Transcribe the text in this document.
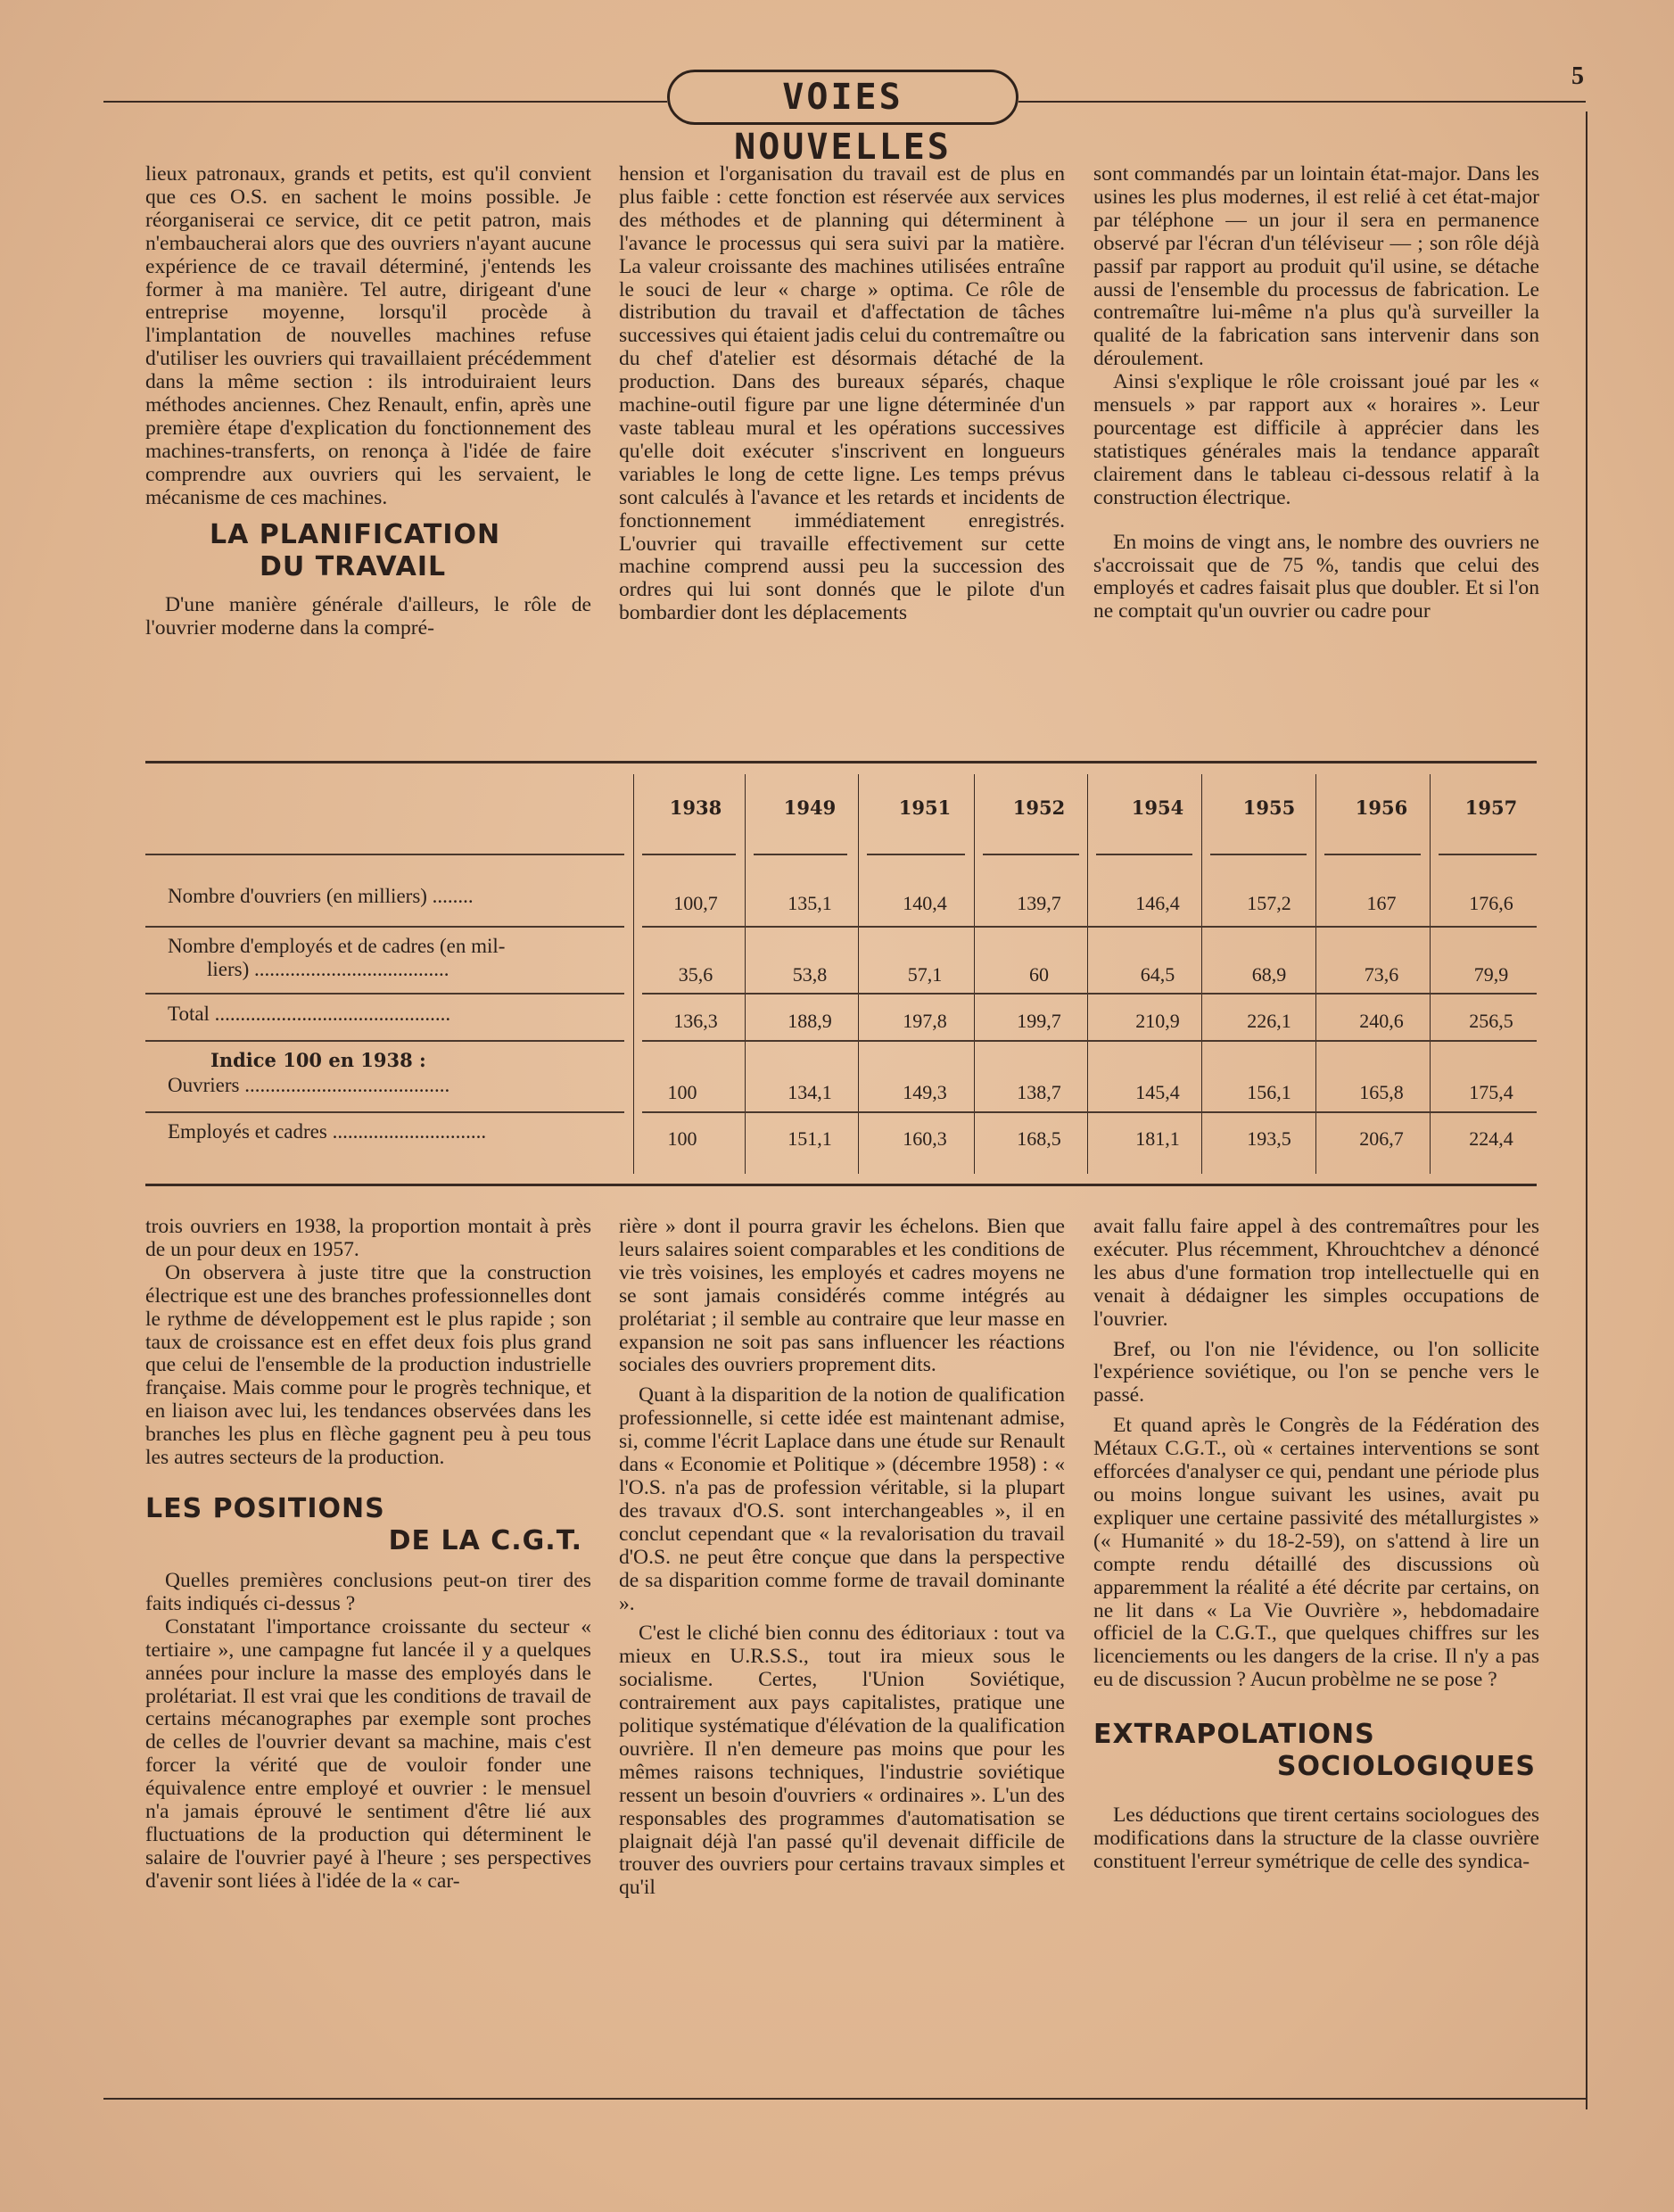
VOIES NOUVELLES
5

lieux patronaux, grands et petits, est qu'il convient que ces O.S. en sachent le moins possible. Je réorganiserai ce service, dit ce petit patron, mais n'embaucherai alors que des ouvriers n'ayant aucune expérience de ce travail déterminé, j'entends les former à ma manière. Tel autre, dirigeant d'une entreprise moyenne, lorsqu'il procède à l'implantation de nouvelles machines refuse d'utiliser les ouvriers qui travaillaient précédemment dans la même section : ils introduiraient leurs méthodes anciennes. Chez Renault, enfin, après une première étape d'explication du fonctionnement des machines-transferts, on renonça à l'idée de faire comprendre aux ouvriers qui les servaient, le mécanisme de ces machines.

LA PLANIFICATION
DU TRAVAIL

D'une manière générale d'ailleurs, le rôle de l'ouvrier moderne dans la compré-

hension et l'organisation du travail est de plus en plus faible : cette fonction est réservée aux services des méthodes et de planning qui déterminent à l'avance le processus qui sera suivi par la matière. La valeur croissante des machines utilisées entraîne le souci de leur « charge » optima. Ce rôle de distribution du travail et d'affectation de tâches successives qui étaient jadis celui du contremaître ou du chef d'atelier est désormais détaché de la production. Dans des bureaux séparés, chaque machine-outil figure par une ligne déterminée d'un vaste tableau mural et les opérations successives qu'elle doit exécuter s'inscrivent en longueurs variables le long de cette ligne. Les temps prévus sont calculés à l'avance et les retards et incidents de fonctionnement immédiatement enregistrés. L'ouvrier qui travaille effectivement sur cette machine comprend aussi peu la succession des ordres qui lui sont donnés que le pilote d'un bombardier dont les déplacements

sont commandés par un lointain état-major. Dans les usines les plus modernes, il est relié à cet état-major par téléphone — un jour il sera en permanence observé par l'écran d'un téléviseur — ; son rôle déjà passif par rapport au produit qu'il usine, se détache aussi de l'ensemble du processus de fabrication. Le contremaître lui-même n'a plus qu'à surveiller la qualité de la fabrication sans intervenir dans son déroulement.

Ainsi s'explique le rôle croissant joué par les « mensuels » par rapport aux « horaires ». Leur pourcentage est difficile à apprécier dans les statistiques générales mais la tendance apparaît clairement dans le tableau ci-dessous relatif à la construction électrique.

En moins de vingt ans, le nombre des ouvriers ne s'accroissait que de 75 %, tandis que celui des employés et cadres faisait plus que doubler. Et si l'on ne comptait qu'un ouvrier ou cadre pour

1938	1949	1951	1952	1954	1955	1956	1957
Nombre d'ouvriers (en milliers) ........	100,7	135,1	140,4	139,7	146,4	157,2	167	176,6
Nombre d'employés et de cadres (en mil-
liers) ......................................	35,6	53,8	57,1	60	64,5	68,9	73,6	79,9
Total ..............................................	136,3	188,9	197,8	199,7	210,9	226,1	240,6	256,5
Indice 100 en 1938 :
Ouvriers ........................................	100	134,1	149,3	138,7	145,4	156,1	165,8	175,4
Employés et cadres ..............................	100	151,1	160,3	168,5	181,1	193,5	206,7	224,4

trois ouvriers en 1938, la proportion montait à près de un pour deux en 1957.

On observera à juste titre que la construction électrique est une des branches professionnelles dont le rythme de développement est le plus rapide ; son taux de croissance est en effet deux fois plus grand que celui de l'ensemble de la production industrielle française. Mais comme pour le progrès technique, et en liaison avec lui, les tendances observées dans les branches les plus en flèche gagnent peu à peu tous les autres secteurs de la production.

LES POSITIONS
DE LA C.G.T.

Quelles premières conclusions peut-on tirer des faits indiqués ci-dessus ?

Constatant l'importance croissante du secteur « tertiaire », une campagne fut lancée il y a quelques années pour inclure la masse des employés dans le prolétariat. Il est vrai que les conditions de travail de certains mécanographes par exemple sont proches de celles de l'ouvrier devant sa machine, mais c'est forcer la vérité que de vouloir fonder une équivalence entre employé et ouvrier : le mensuel n'a jamais éprouvé le sentiment d'être lié aux fluctuations de la production qui déterminent le salaire de l'ouvrier payé à l'heure ; ses perspectives d'avenir sont liées à l'idée de la « car-

rière » dont il pourra gravir les échelons. Bien que leurs salaires soient comparables et les conditions de vie très voisines, les employés et cadres moyens ne se sont jamais considérés comme intégrés au prolétariat ; il semble au contraire que leur masse en expansion ne soit pas sans influencer les réactions sociales des ouvriers proprement dits.

Quant à la disparition de la notion de qualification professionnelle, si cette idée est maintenant admise, si, comme l'écrit Laplace dans une étude sur Renault dans « Economie et Politique » (décembre 1958) : « l'O.S. n'a pas de profession véritable, si la plupart des travaux d'O.S. sont interchangeables », il en conclut cependant que « la revalorisation du travail d'O.S. ne peut être conçue que dans la perspective de sa disparition comme forme de travail dominante ».

C'est le cliché bien connu des éditoriaux : tout va mieux en U.R.S.S., tout ira mieux sous le socialisme. Certes, l'Union Soviétique, contrairement aux pays capitalistes, pratique une politique systématique d'élévation de la qualification ouvrière. Il n'en demeure pas moins que pour les mêmes raisons techniques, l'industrie soviétique ressent un besoin d'ouvriers « ordinaires ». L'un des responsables des programmes d'automatisation se plaignait déjà l'an passé qu'il devenait difficile de trouver des ouvriers pour certains travaux simples et qu'il

avait fallu faire appel à des contremaîtres pour les exécuter. Plus récemment, Khrouchtchev a dénoncé les abus d'une formation trop intellectuelle qui en venait à dédaigner les simples occupations de l'ouvrier.

Bref, ou l'on nie l'évidence, ou l'on sollicite l'expérience soviétique, ou l'on se penche vers le passé.

Et quand après le Congrès de la Fédération des Métaux C.G.T., où « certaines interventions se sont efforcées d'analyser ce qui, pendant une période plus ou moins longue suivant les usines, avait pu expliquer une certaine passivité des métallurgistes » (« Humanité » du 18-2-59), on s'attend à lire un compte rendu détaillé des discussions où apparemment la réalité a été décrite par certains, on ne lit dans « La Vie Ouvrière », hebdomadaire officiel de la C.G.T., que quelques chiffres sur les licenciements ou les dangers de la crise. Il n'y a pas eu de discussion ? Aucun probèlme ne se pose ?

EXTRAPOLATIONS
SOCIOLOGIQUES

Les déductions que tirent certains sociologues des modifications dans la structure de la classe ouvrière constituent l'erreur symétrique de celle des syndica-
